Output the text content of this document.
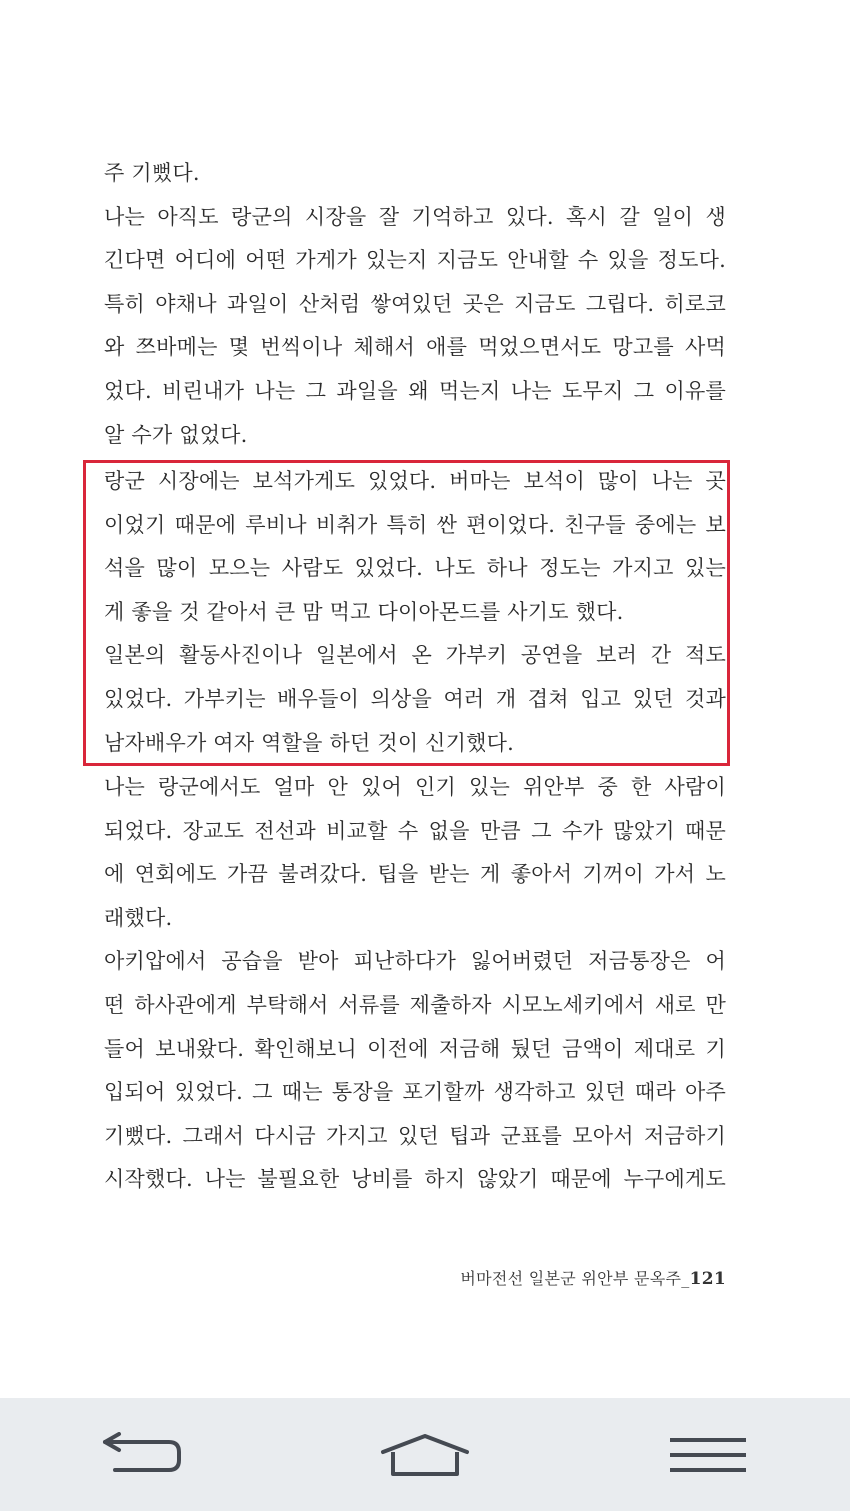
주 기뻤다.
나는 아직도 랑군의 시장을 잘 기억하고 있다. 혹시 갈 일이 생
긴다면 어디에 어떤 가게가 있는지 지금도 안내할 수 있을 정도다.
특히 야채나 과일이 산처럼 쌓여있던 곳은 지금도 그립다. 히로코
와 쯔바메는 몇 번씩이나 체해서 애를 먹었으면서도 망고를 사먹
었다. 비린내가 나는 그 과일을 왜 먹는지 나는 도무지 그 이유를
알 수가 없었다.
랑군 시장에는 보석가게도 있었다. 버마는 보석이 많이 나는 곳
이었기 때문에 루비나 비취가 특히 싼 편이었다. 친구들 중에는 보
석을 많이 모으는 사람도 있었다. 나도 하나 정도는 가지고 있는
게 좋을 것 같아서 큰 맘 먹고 다이아몬드를 사기도 했다.
일본의 활동사진이나 일본에서 온 가부키 공연을 보러 간 적도
있었다. 가부키는 배우들이 의상을 여러 개 겹쳐 입고 있던 것과
남자배우가 여자 역할을 하던 것이 신기했다.
나는 랑군에서도 얼마 안 있어 인기 있는 위안부 중 한 사람이
되었다. 장교도 전선과 비교할 수 없을 만큼 그 수가 많았기 때문
에 연회에도 가끔 불려갔다. 팁을 받는 게 좋아서 기꺼이 가서 노
래했다.
아키압에서 공습을 받아 피난하다가 잃어버렸던 저금통장은 어
떤 하사관에게 부탁해서 서류를 제출하자 시모노세키에서 새로 만
들어 보내왔다. 확인해보니 이전에 저금해 뒀던 금액이 제대로 기
입되어 있었다. 그 때는 통장을 포기할까 생각하고 있던 때라 아주
기뻤다. 그래서 다시금 가지고 있던 팁과 군표를 모아서 저금하기
시작했다. 나는 불필요한 낭비를 하지 않았기 때문에 누구에게도
버마전선 일본군 위안부 문옥주_121
